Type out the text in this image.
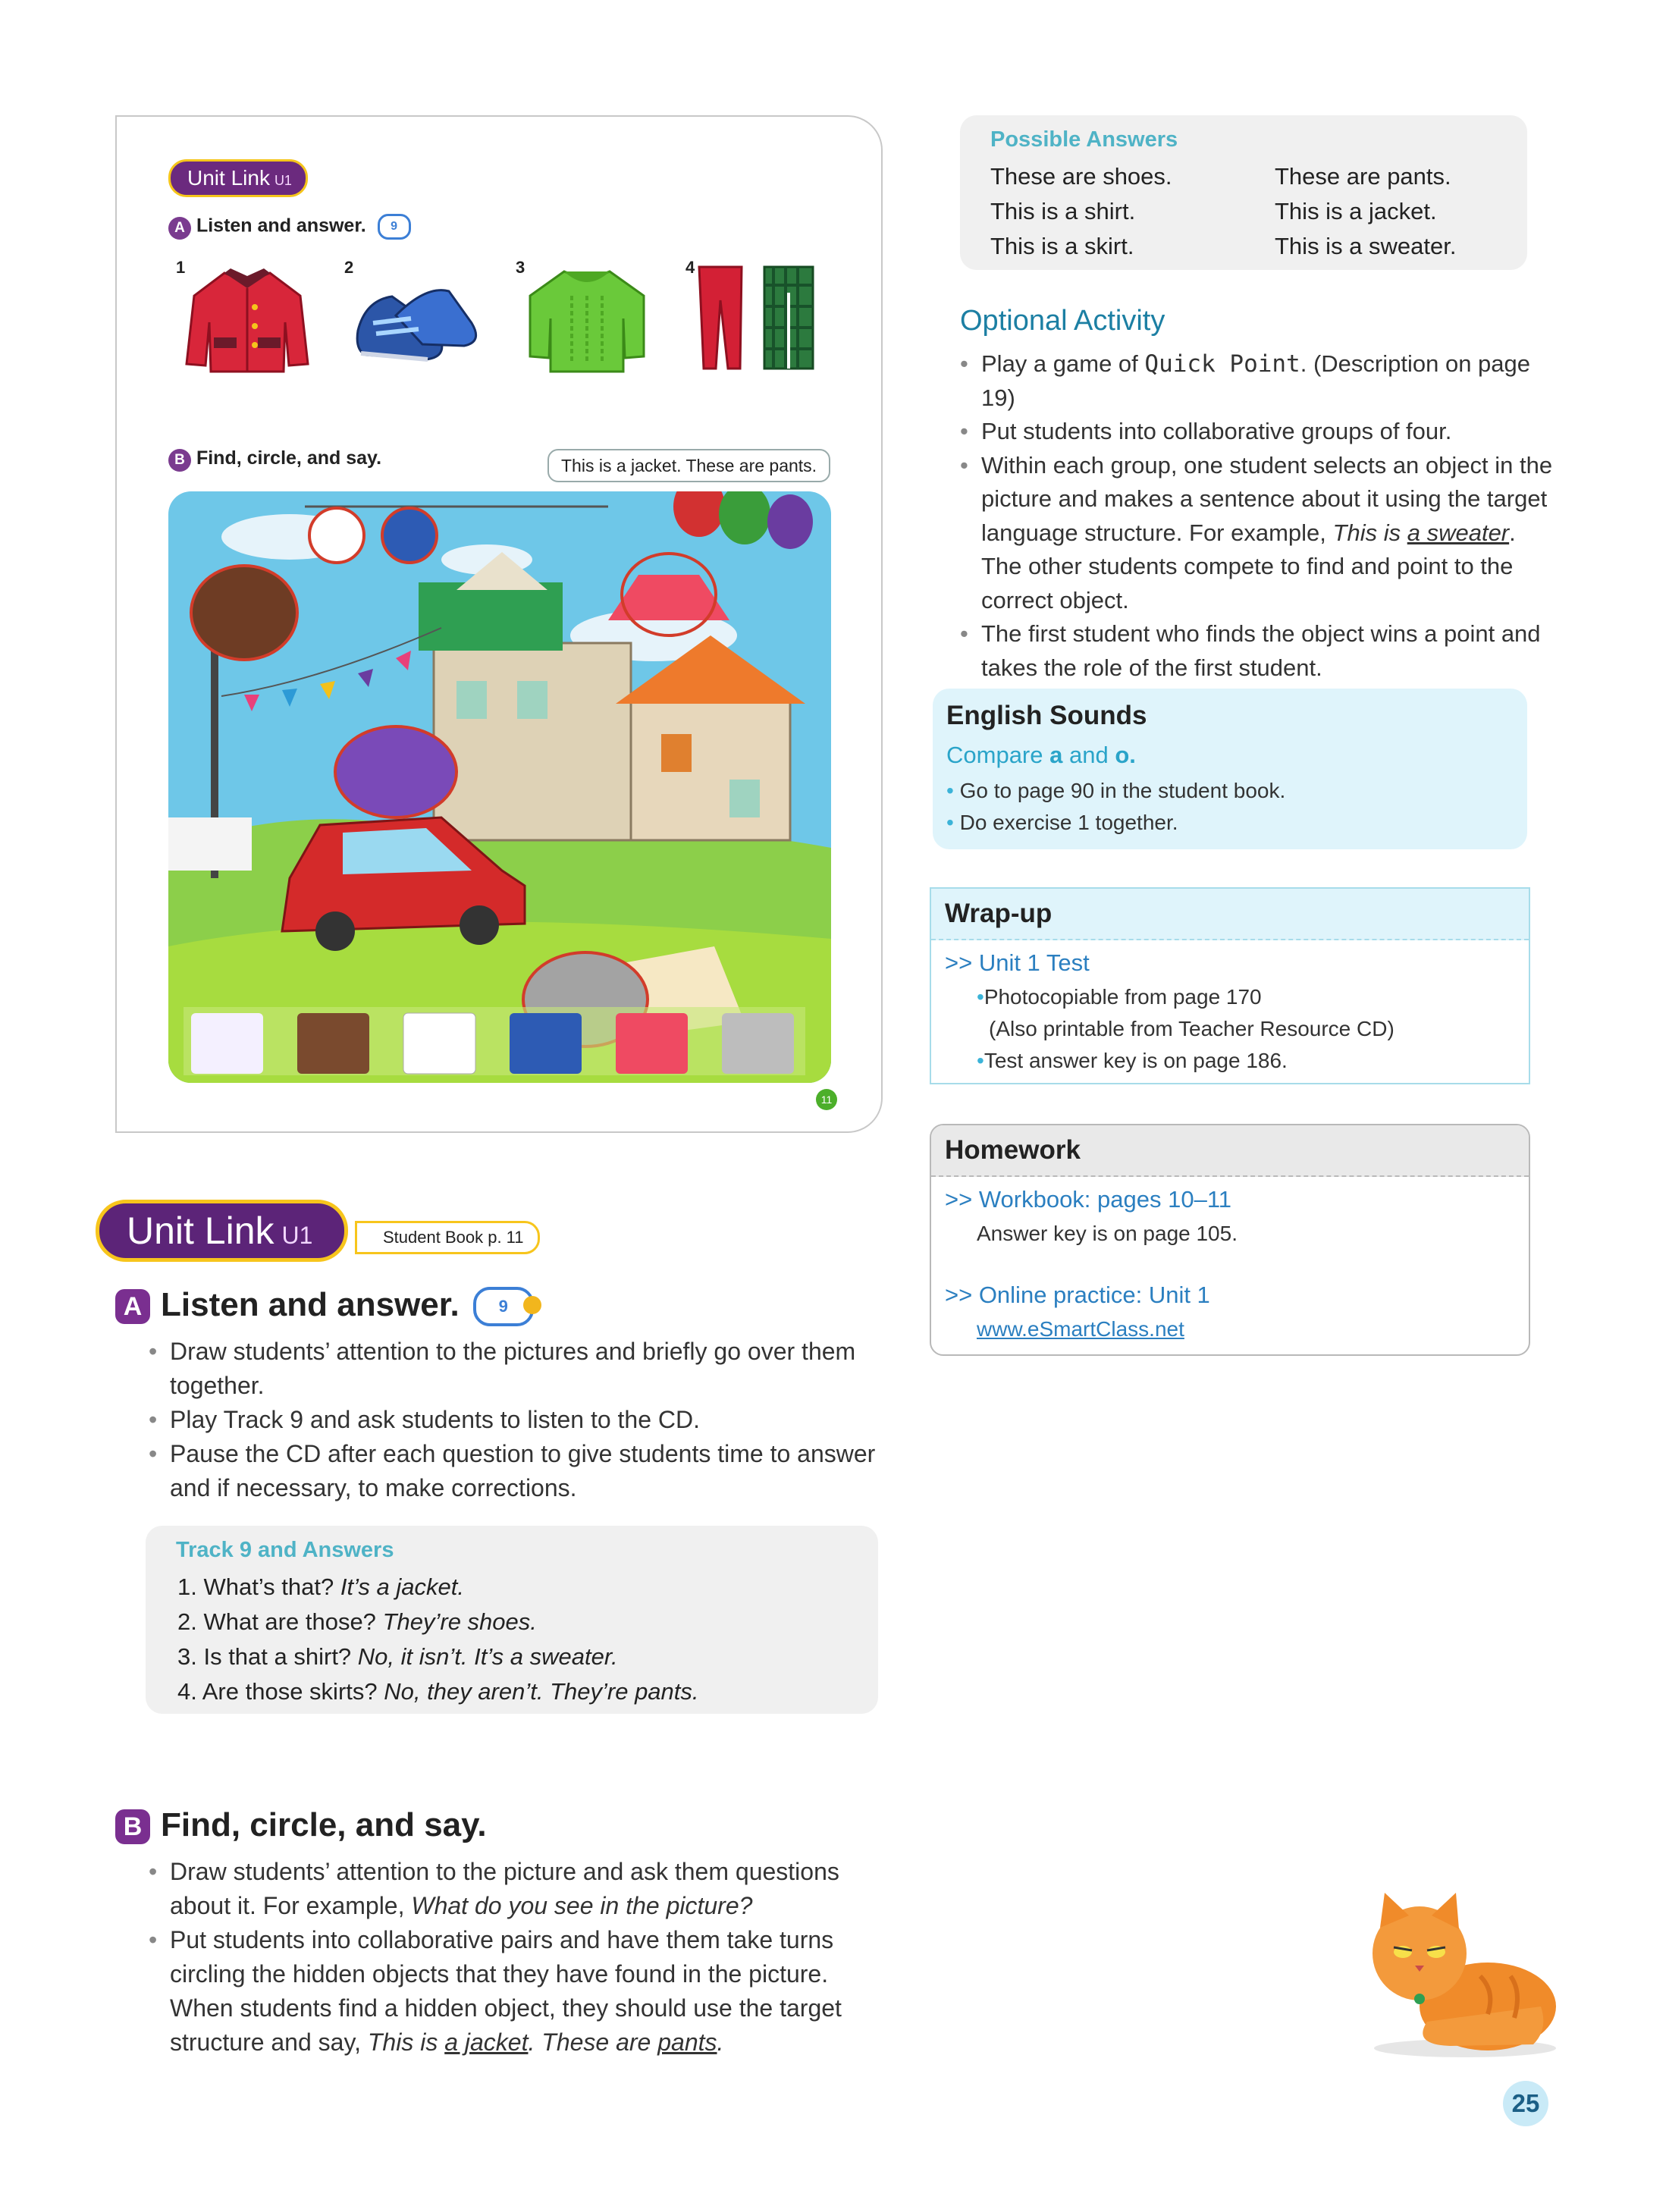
Unit Link U1
A Listen and answer. 9
1	2	3	4
B Find, circle, and say.	This is a jacket. These are pants.
11
Unit Link U1	Student Book p. 11
A Listen and answer. 9
• Draw students’ attention to the pictures and briefly go over them together.
• Play Track 9 and ask students to listen to the CD.
• Pause the CD after each question to give students time to answer and if necessary, to make corrections.
Track 9 and Answers
1. What’s that? It’s a jacket.
2. What are those? They’re shoes.
3. Is that a shirt? No, it isn’t. It’s a sweater.
4. Are those skirts? No, they aren’t. They’re pants.
B Find, circle, and say.
• Draw students’ attention to the picture and ask them questions about it. For example, What do you see in the picture?
• Put students into collaborative pairs and have them take turns circling the hidden objects that they have found in the picture. When students find a hidden object, they should use the target structure and say, This is a jacket. These are pants.
Possible Answers
These are shoes.	These are pants.
This is a shirt.	This is a jacket.
This is a skirt.	This is a sweater.
Optional Activity
• Play a game of Quick Point. (Description on page 19)
• Put students into collaborative groups of four.
• Within each group, one student selects an object in the picture and makes a sentence about it using the target language structure. For example, This is a sweater. The other students compete to find and point to the correct object.
• The first student who finds the object wins a point and takes the role of the first student.
English Sounds
Compare a and o.
• Go to page 90 in the student book.
• Do exercise 1 together.
Wrap-up
>> Unit 1 Test
•Photocopiable from page 170
(Also printable from Teacher Resource CD)
•Test answer key is on page 186.
Homework
>> Workbook: pages 10–11
Answer key is on page 105.
>> Online practice: Unit 1
www.eSmartClass.net
25
